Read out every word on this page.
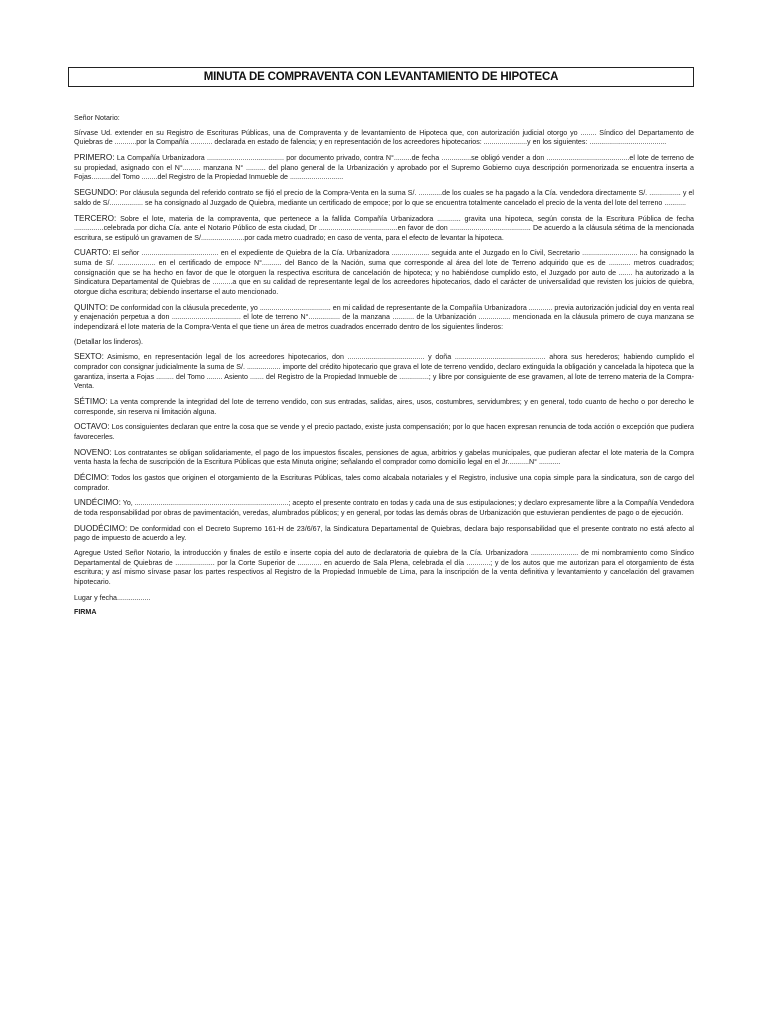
MINUTA DE COMPRAVENTA CON LEVANTAMIENTO DE HIPOTECA

Señor Notario:

Sírvase Ud. extender en su Registro de Escrituras Públicas, una de Compraventa y de levantamiento de Hipoteca que, con autorización judicial otorgo yo ........ Síndico del Departamento de Quiebras de ...........por la Compañía ........... declarada en estado de falencia; y en representación de los acreedores hipotecarios: ......................y en los siguientes: .......................................

PRIMERO: La Compañía Urbanizadora ....................................... por documento privado, contra N°.........de fecha ...............se obligó vender a don ..........................................el lote de terreno de su propiedad, asignado con el N°......... manzana N° .......... del plano general de la Urbanización y aprobado por el Supremo Gobierno cuya descripción pormenorizada se encuentra inserta a Fojas..........del Tomo ........del Registro de la Propiedad Inmueble de ...........................

SEGUNDO: Por cláusula segunda del referido contrato se fijó el precio de la Compra-Venta en la suma S/. ............de los cuales se ha pagado a la Cía. vendedora directamente S/. ................ y el saldo de S/................. se ha consignado al Juzgado de Quiebra, mediante un certificado de empoce; por lo que se encuentra totalmente cancelado el precio de la venta del lote del terreno ...........

TERCERO: Sobre el lote, materia de la compraventa, que pertenece a la fallida Compañía Urbanizadora ............ gravita una hipoteca, según consta de la Escritura Pública de fecha ...............celebrada por dicha Cía. ante el Notario Público de esta ciudad, Dr ........................................en favor de don ......................................... De acuerdo a la cláusula sétima de la mencionada escritura, se estipuló un gravamen de S/......................por cada metro cuadrado; en caso de venta, para el efecto de levantar la hipoteca.

CUARTO: El señor ....................................... en el expediente de Quiebra de la Cía. Urbanizadora ................... seguida ante el Juzgado en lo Civil, Secretario ............................ ha consignado la suma de S/. ................... en el certificado de empoce N°.......... del Banco de la Nación, suma que corresponde al área del lote de Terreno adquirido que es de ........... metros cuadrados; consignación que se ha hecho en favor de que le otorguen la respectiva escritura de cancelación de hipoteca; y no habiéndose cumplido esto, el Juzgado por auto de ....... ha autorizado a la Sindicatura Departamental de Quiebras de ..........a que en su calidad de representante legal de los acreedores hipotecarios, dado el carácter de universalidad que revisten los juicios de quiebra, otorgue dicha escritura; debiendo insertarse el auto mencionado.

QUINTO: De conformidad con la cláusula precedente, yo .................................... en mi calidad de representante de la Compañía Urbanizadora ............ previa autorización judicial doy en venta real y enajenación perpetua a don ................................... el lote de terreno N°................ de la manzana ........... de la Urbanización ................ mencionada en la cláusula primero de cuya manzana se independizará el lote materia de la Compra-Venta el que tiene un área de metros cuadrados encerrado dentro de los siguientes linderos:

(Detallar los linderos).

SEXTO: Asimismo, en representación legal de los acreedores hipotecarios, don ....................................... y doña .............................................. ahora sus herederos; habiendo cumplido el comprador con consignar judicialmente la suma de S/. ................. importe del crédito hipotecario que grava el lote de terreno vendido, declaro extinguida la obligación y cancelada la hipoteca que la garantiza, inserta a Fojas ......... del Tomo ........ Asiento ....... del Registro de la Propiedad Inmueble de ...............; y libre por consiguiente de ese gravamen, al lote de terreno materia de la Compra-Venta.

SÉTIMO: La venta comprende la integridad del lote de terreno vendido, con sus entradas, salidas, aires, usos, costumbres, servidumbres; y en general, todo cuanto de hecho o por derecho le corresponde, sin reserva ni limitación alguna.

OCTAVO: Los consiguientes declaran que entre la cosa que se vende y el precio pactado, existe justa compensación; por lo que hacen expresan renuncia de toda acción o excepción que pudiera favorecerles.

NOVENO: Los contratantes se obligan solidariamente, el pago de los impuestos fiscales, pensiones de agua, arbitrios y gabelas municipales, que pudieran afectar el lote materia de la Compra venta hasta la fecha de suscripción de la Escritura Públicas que esta Minuta origine; señalando el comprador como domicilio legal en el Jr...........N° ...........

DÉCIMO: Todos los gastos que originen el otorgamiento de la Escrituras Públicas, tales como alcabala notariales y el Registro, inclusive una copia simple para la sindicatura, son de cargo del comprador.

UNDÉCIMO: Yo, ..............................................................................; acepto el presente contrato en todas y cada una de sus estipulaciones; y declaro expresamente libre a la Compañía Vendedora de toda responsabilidad por obras de pavimentación, veredas, alumbrados públicos; y en general, por todas las demás obras de Urbanización que estuvieran pendientes de pago o de ejecución.

DUODÉCIMO: De conformidad con el Decreto Supremo 161-H de 23/6/67, la Sindicatura Departamental de Quiebras, declara bajo responsabilidad que el presente contrato no está afecto al pago de impuesto de acuerdo a ley.

Agregue Usted Señor Notario, la introducción y finales de estilo e inserte copia del auto de declaratoria de quiebra de la Cía. Urbanizadora ........................ de mi nombramiento como Síndico Departamental de Quiebras de .................... por la Corte Superior de ............ en acuerdo de Sala Plena, celebrada el día ............; y de los autos que me autorizan para el otorgamiento de ésta escritura; y así mismo sírvase pasar los partes respectivos al Registro de la Propiedad Inmueble de Lima, para la inscripción de la venta definitiva y levantamiento y cancelación del gravamen hipotecario.

Lugar y fecha.................

FIRMA
